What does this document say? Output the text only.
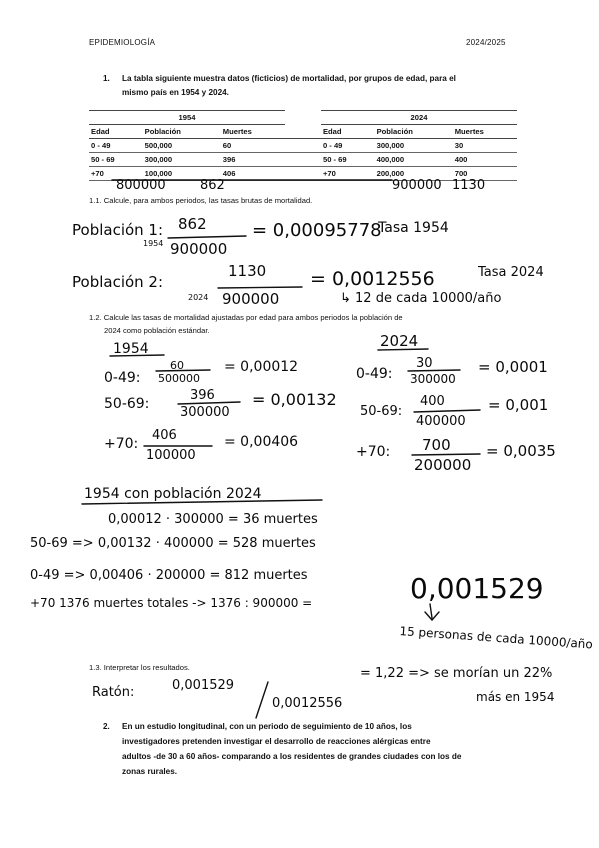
EPIDEMIOLOGÍA	2024/2025
1. La tabla siguiente muestra datos (ficticios) de mortalidad, por grupos de edad, para el
mismo país en 1954 y 2024.
1954				2024		
Edad	Población	Muertes		Edad	Población	Muertes
0 - 49	500,000	60		0 - 49	300,000	30
50 - 69	300,000	396		50 - 69	400,000	400
+70	100,000	406		+70	200,000	700
800000	862	900000 1130
1.1. Calcule, para ambos periodos, las tasas brutas de mortalidad.
Población 1:
1954
862
900000
= 0,00095778
Tasa 1954
Población 2:
2024
1130
900000
= 0,0012556	Tasa 2024
↳ 12 de cada 10000/año
1.2. Calcule las tasas de mortalidad ajustadas por edad para ambos periodos la población de
2024 como población estándar.
1954	2024
0-49:
60
500000
= 0,00012
50-69:
396
300000
= 0,00132
+70:
406
100000
= 0,00406
0-49:
30
300000
= 0,0001
50-69:
400
400000
= 0,001
+70: 700
200000
= 0,0035
1954 con población 2024
0,00012 · 300000 = 36 muertes
50-69 => 0,00132 · 400000 = 528 muertes
0-49 => 0,00406 · 200000 = 812 muertes
+70 1376 muertes totales -> 1376 : 900000 =	0,001529
15 personas de cada 10000/año
1.3. Interpretar los resultados.
Ratón:	0,001529
0,0012556
= 1,22 => se morían un 22%
más en 1954
2. En un estudio longitudinal, con un periodo de seguimiento de 10 años, los
investigadores pretenden investigar el desarrollo de reacciones alérgicas entre
adultos -de 30 a 60 años- comparando a los residentes de grandes ciudades con los de
zonas rurales.
